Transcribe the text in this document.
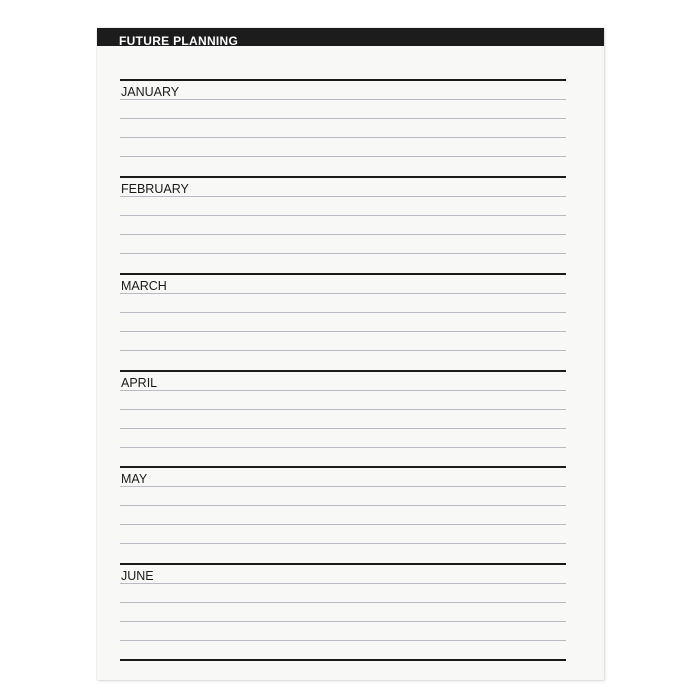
FUTURE PLANNING
JANUARY
FEBRUARY
MARCH
APRIL
MAY
JUNE
